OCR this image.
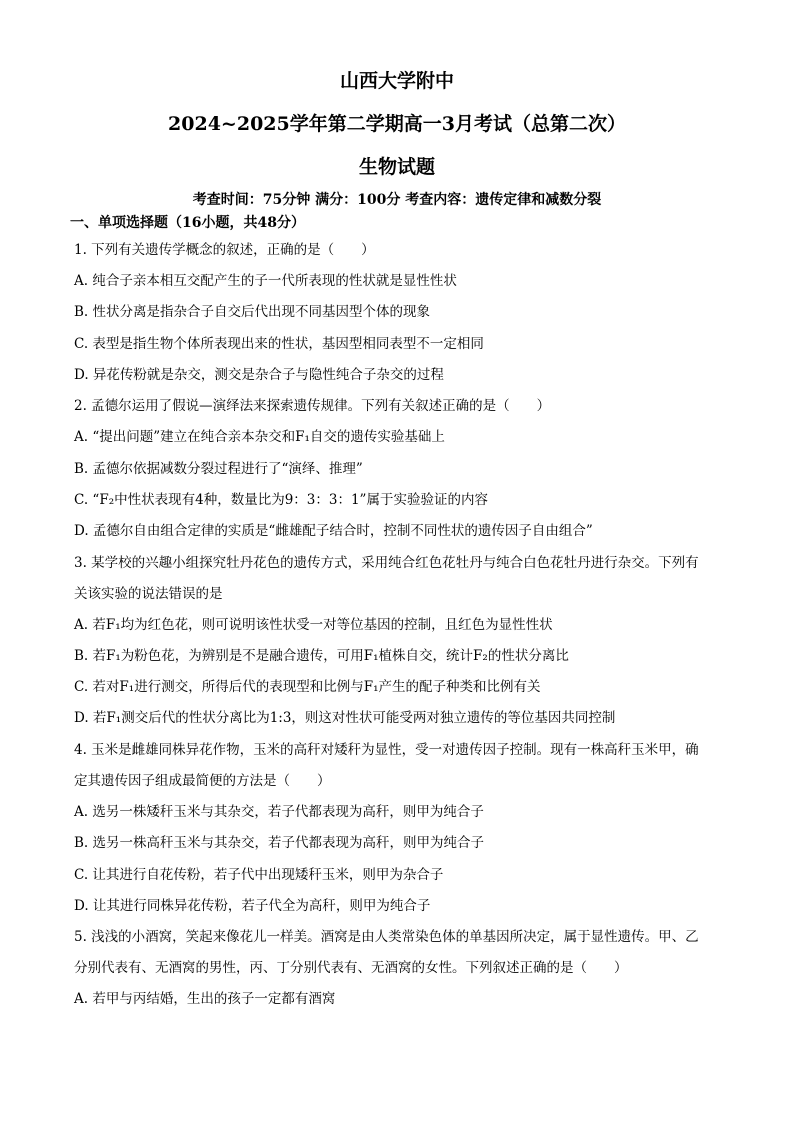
山西大学附中
2024~2025学年第二学期高一3月考试（总第二次）
生物试题
考查时间：75分钟 满分：100分 考查内容：遗传定律和减数分裂
一、单项选择题（16小题，共48分）
1. 下列有关遗传学概念的叙述，正确的是（　　）
A. 纯合子亲本相互交配产生的子一代所表现的性状就是显性性状
B. 性状分离是指杂合子自交后代出现不同基因型个体的现象
C. 表型是指生物个体所表现出来的性状，基因型相同表型不一定相同
D. 异花传粉就是杂交，测交是杂合子与隐性纯合子杂交的过程
2. 孟德尔运用了假说—演绎法来探索遗传规律。下列有关叙述正确的是（　　）
A. “提出问题”建立在纯合亲本杂交和F₁自交的遗传实验基础上
B. 孟德尔依据减数分裂过程进行了“演绎、推理”
C. “F₂中性状表现有4种，数量比为9：3：3：1”属于实验验证的内容
D. 孟德尔自由组合定律的实质是“雌雄配子结合时，控制不同性状的遗传因子自由组合”
3. 某学校的兴趣小组探究牡丹花色的遗传方式，采用纯合红色花牡丹与纯合白色花牡丹进行杂交。下列有
关该实验的说法错误的是
A. 若F₁均为红色花，则可说明该性状受一对等位基因的控制，且红色为显性性状
B. 若F₁为粉色花，为辨别是不是融合遗传，可用F₁植株自交，统计F₂的性状分离比
C. 若对F₁进行测交，所得后代的表现型和比例与F₁产生的配子种类和比例有关
D. 若F₁测交后代的性状分离比为1:3，则这对性状可能受两对独立遗传的等位基因共同控制
4. 玉米是雌雄同株异花作物，玉米的高秆对矮秆为显性，受一对遗传因子控制。现有一株高秆玉米甲，确
定其遗传因子组成最简便的方法是（　　）
A. 选另一株矮秆玉米与其杂交，若子代都表现为高秆，则甲为纯合子
B. 选另一株高秆玉米与其杂交，若子代都表现为高秆，则甲为纯合子
C. 让其进行自花传粉，若子代中出现矮秆玉米，则甲为杂合子
D. 让其进行同株异花传粉，若子代全为高秆，则甲为纯合子
5. 浅浅的小酒窝，笑起来像花儿一样美。酒窝是由人类常染色体的单基因所决定，属于显性遗传。甲、乙
分别代表有、无酒窝的男性，丙、丁分别代表有、无酒窝的女性。下列叙述正确的是（　　）
A. 若甲与丙结婚，生出的孩子一定都有酒窝
